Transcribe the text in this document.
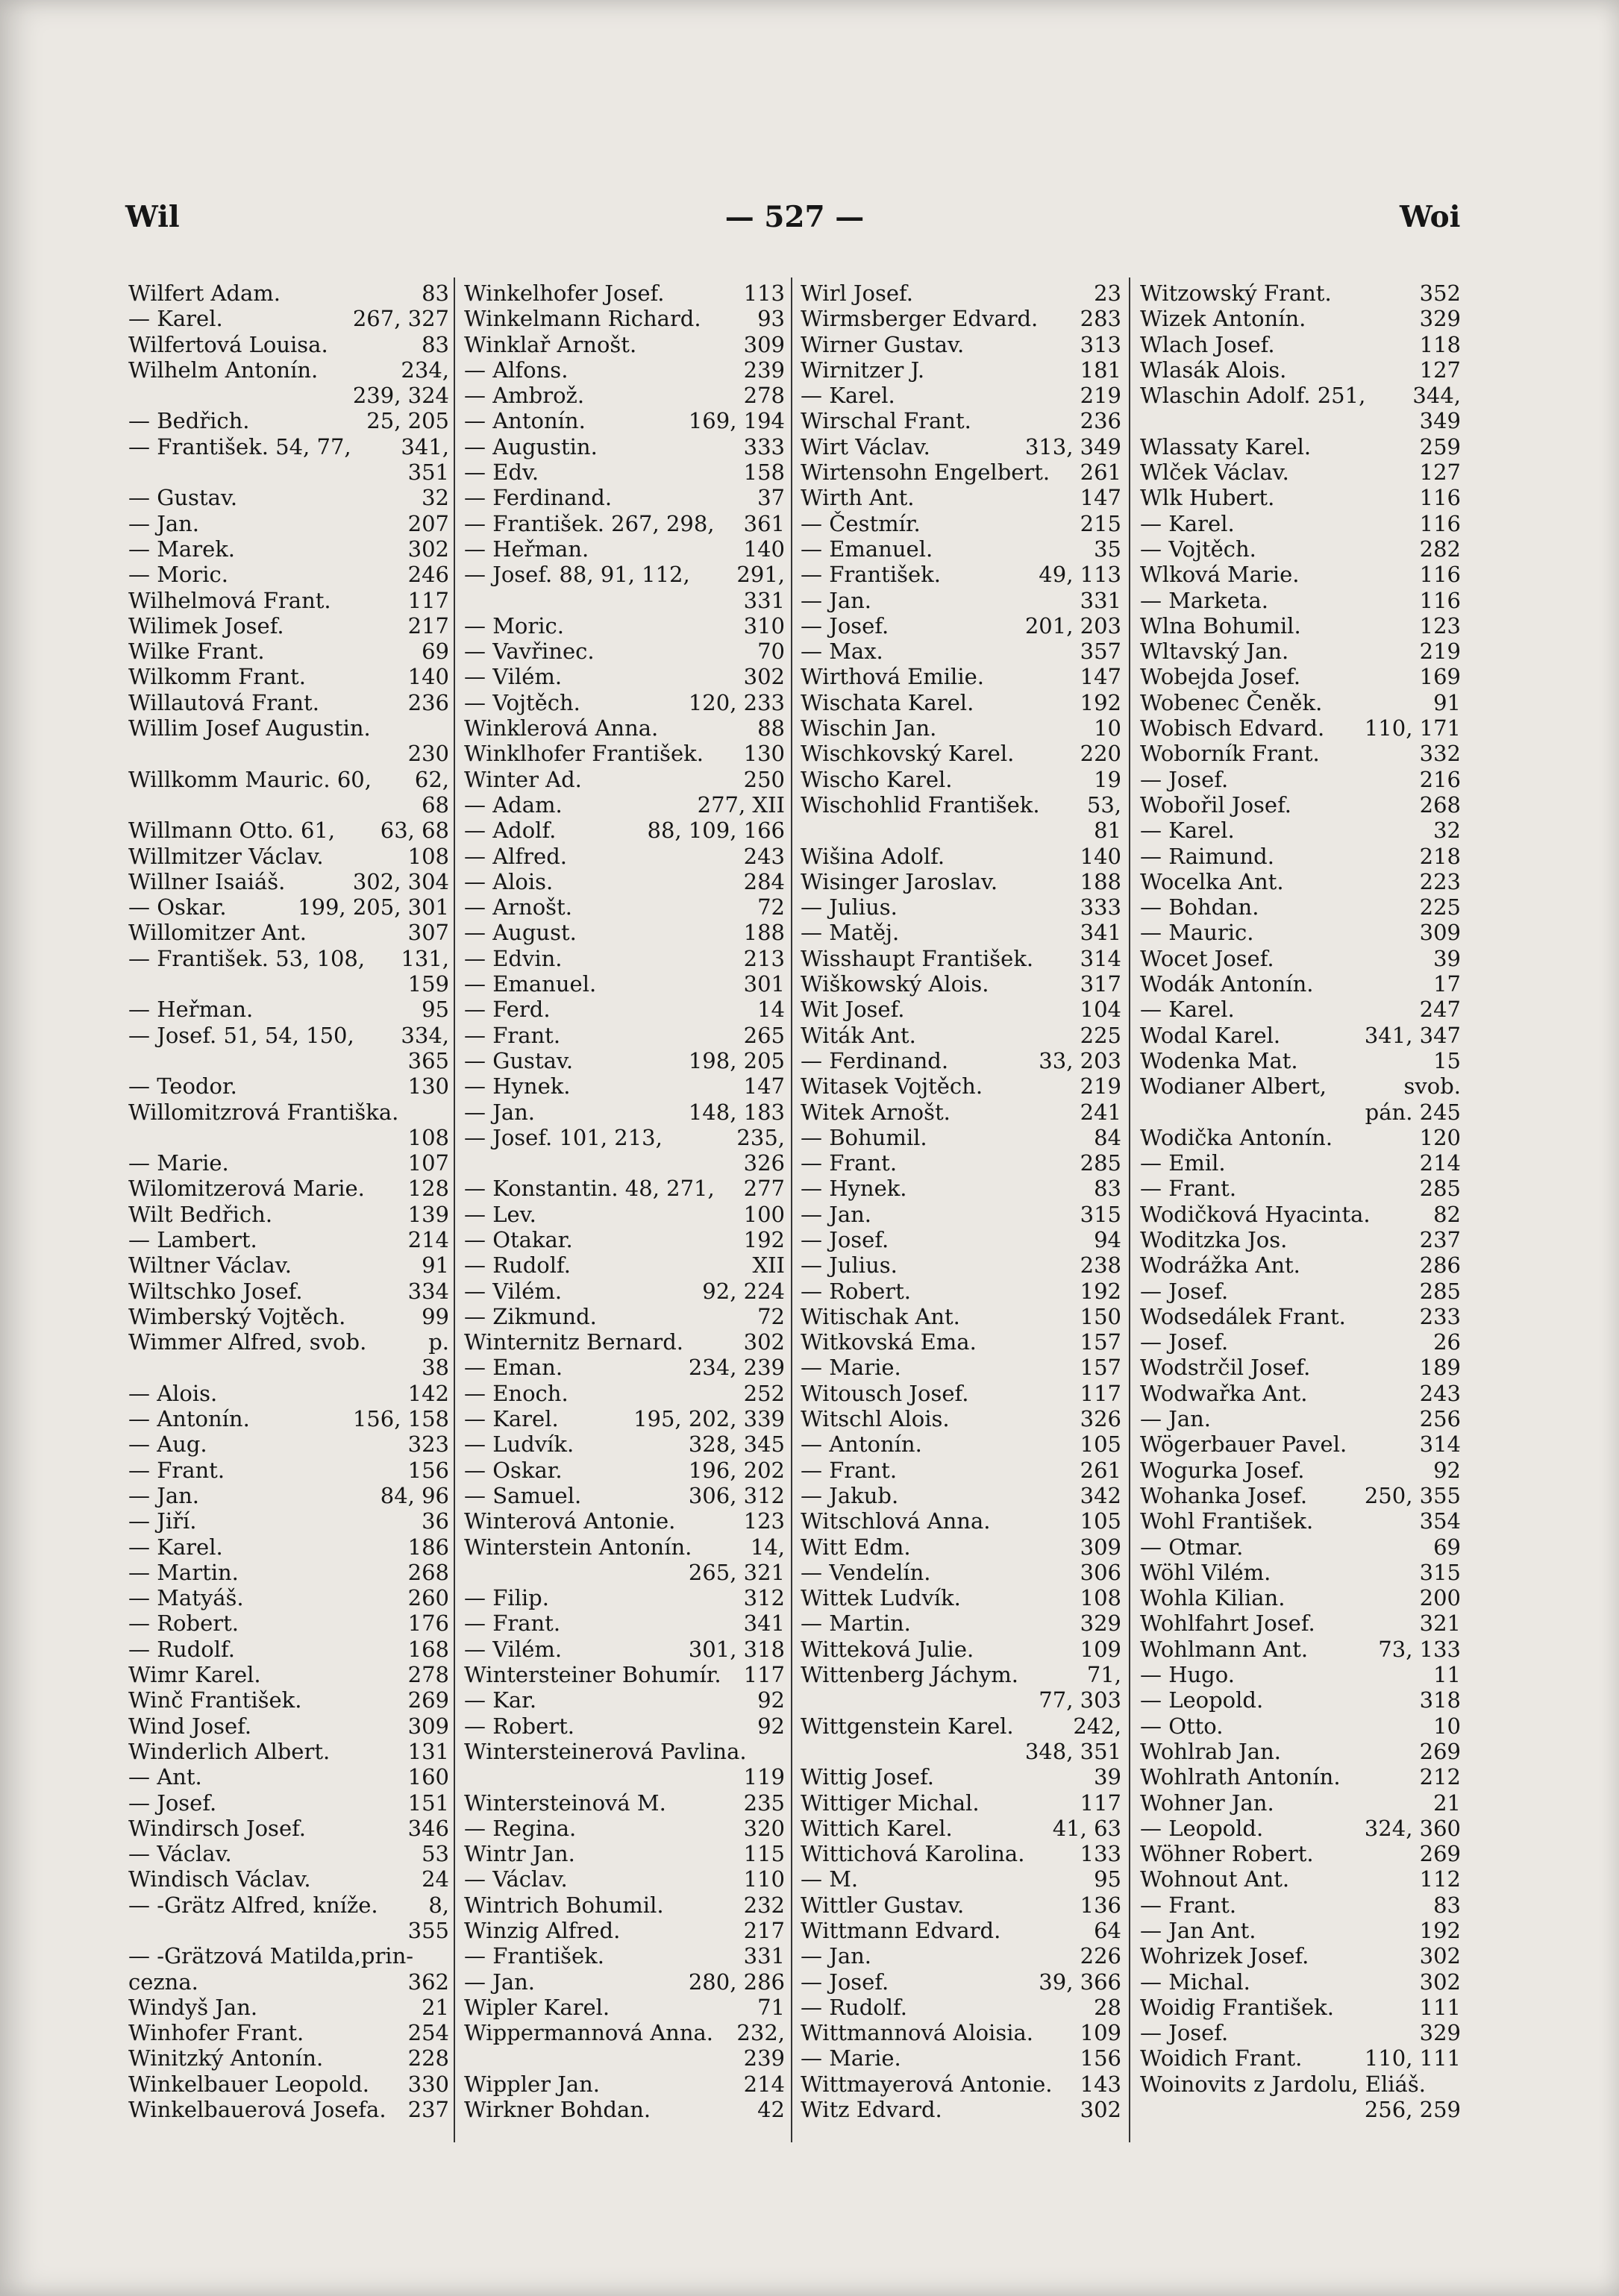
Wil	— 527 —	Woi
Wilfert Adam.	83
— Karel.	267, 327
Wilfertová Louisa.	83
Wilhelm Antonín.	234,
239, 324
— Bedřich.	25, 205
— František. 54, 77, 341,
351
— Gustav.	32
— Jan.	207
— Marek.	302
— Moric.	246
Wilhelmová Frant.	117
Wilimek Josef.	217
Wilke Frant.	69
Wilkomm Frant.	140
Willautová Frant.	236
Willim Josef Augustin.
230
Willkomm Mauric. 60, 62,
68
Willmann Otto. 61, 63, 68
Willmitzer Václav.	108
Willner Isaiáš.	302, 304
— Oskar.	199, 205, 301
Willomitzer Ant.	307
— František. 53, 108, 131,
159
— Heřman.	95
— Josef. 51, 54, 150, 334,
365
— Teodor.	130
Willomitzrová Františka.
108
— Marie.	107
Wilomitzerová Marie. 128
Wilt Bedřich.	139
— Lambert.	214
Wiltner Václav.	91
Wiltschko Josef.	334
Wimberský Vojtěch.	99
Wimmer Alfred, svob.	p.
38
— Alois.	142
— Antonín.	156, 158
— Aug.	323
— Frant.	156
— Jan.	84, 96
— Jiří.	36
— Karel.	186
— Martin.	268
— Matyáš.	260
— Robert.	176
— Rudolf.	168
Wimr Karel.	278
Winč František.	269
Wind Josef.	309
Winderlich Albert.	131
— Ant.	160
— Josef.	151
Windirsch Josef.	346
— Václav.	53
Windisch Václav.	24
— -Grätz Alfred, kníže. 8,
355
— -Grätzová Matilda,prin-
cezna.	362
Windyš Jan.	21
Winhofer Frant.	254
Winitzký Antonín.	228
Winkelbauer Leopold. 330
Winkelbauerová Josefa. 237
Winkelhofer Josef.	113
Winkelmann Richard.	93
Winklař Arnošt.	309
— Alfons.	239
— Ambrož.	278
— Antonín.	169, 194
— Augustin.	333
— Edv.	158
— Ferdinand.	37
— František. 267, 298, 361
— Heřman.	140
— Josef. 88, 91, 112, 291,
331
— Moric.	310
— Vavřinec.	70
— Vilém.	302
— Vojtěch.	120, 233
Winklerová Anna.	88
Winklhofer František. 130
Winter Ad.	250
— Adam.	277, XII
— Adolf.	88, 109, 166
— Alfred.	243
— Alois.	284
— Arnošt.	72
— August.	188
— Edvin.	213
— Emanuel.	301
— Ferd.	14
— Frant.	265
— Gustav.	198, 205
— Hynek.	147
— Jan.	148, 183
— Josef. 101, 213,	235,
326
— Konstantin. 48, 271, 277
— Lev.	100
— Otakar.	192
— Rudolf.	XII
— Vilém.	92, 224
— Zikmund.	72
Winternitz Bernard.	302
— Eman.	234, 239
— Enoch.	252
— Karel.	195, 202, 339
— Ludvík.	328, 345
— Oskar.	196, 202
— Samuel.	306, 312
Winterová Antonie.	123
Winterstein Antonín.	14,
265, 321
— Filip.	312
— Frant.	341
— Vilém.	301, 318
Wintersteiner Bohumír. 117
— Kar.	92
— Robert.	92
Wintersteinerová Pavlina.
119
Wintersteinová M.	235
— Regina.	320
Wintr Jan.	115
— Václav.	110
Wintrich Bohumil.	232
Winzig Alfred.	217
— František.	331
— Jan.	280, 286
Wipler Karel.	71
Wippermannová Anna. 232,
239
Wippler Jan.	214
Wirkner Bohdan.	42
Wirl Josef.	23
Wirmsberger Edvard. 283
Wirner Gustav.	313
Wirnitzer J.	181
— Karel.	219
Wirschal Frant.	236
Wirt Václav.	313, 349
Wirtensohn Engelbert. 261
Wirth Ant.	147
— Čestmír.	215
— Emanuel.	35
— František.	49, 113
— Jan.	331
— Josef.	201, 203
— Max.	357
Wirthová Emilie.	147
Wischata Karel.	192
Wischin Jan.	10
Wischkovský Karel.	220
Wischo Karel.	19
Wischohlid František. 53,
81
Wišina Adolf.	140
Wisinger Jaroslav.	188
— Julius.	333
— Matěj.	341
Wisshaupt František. 314
Wiškowský Alois.	317
Wit Josef.	104
Witák Ant.	225
— Ferdinand.	33, 203
Witasek Vojtěch.	219
Witek Arnošt.	241
— Bohumil.	84
— Frant.	285
— Hynek.	83
— Jan.	315
— Josef.	94
— Julius.	238
— Robert.	192
Witischak Ant.	150
Witkovská Ema.	157
— Marie.	157
Witousch Josef.	117
Witschl Alois.	326
— Antonín.	105
— Frant.	261
— Jakub.	342
Witschlová Anna.	105
Witt Edm.	309
— Vendelín.	306
Wittek Ludvík.	108
— Martin.	329
Witteková Julie.	109
Wittenberg Jáchym.	71,
77, 303
Wittgenstein Karel.	242,
348, 351
Wittig Josef.	39
Wittiger Michal.	117
Wittich Karel.	41, 63
Wittichová Karolina.	133
— M.	95
Wittler Gustav.	136
Wittmann Edvard.	64
— Jan.	226
— Josef.	39, 366
— Rudolf.	28
Wittmannová Aloisia. 109
— Marie.	156
Wittmayerová Antonie. 143
Witz Edvard.	302
Witzowský Frant.	352
Wizek Antonín.	329
Wlach Josef.	118
Wlasák Alois.	127
Wlaschin Adolf. 251, 344,
349
Wlassaty Karel.	259
Wlček Václav.	127
Wlk Hubert.	116
— Karel.	116
— Vojtěch.	282
Wlková Marie.	116
— Marketa.	116
Wlna Bohumil.	123
Wltavský Jan.	219
Wobejda Josef.	169
Wobenec Čeněk.	91
Wobisch Edvard. 110, 171
Woborník Frant.	332
— Josef.	216
Wobořil Josef.	268
— Karel.	32
— Raimund.	218
Wocelka Ant.	223
— Bohdan.	225
— Mauric.	309
Wocet Josef.	39
Wodák Antonín.	17
— Karel.	247
Wodal Karel.	341, 347
Wodenka Mat.	15
Wodianer Albert,	svob.
pán. 245
Wodička Antonín.	120
— Emil.	214
— Frant.	285
Wodičková Hyacinta.	82
Woditzka Jos.	237
Wodrážka Ant.	286
— Josef.	285
Wodsedálek Frant.	233
— Josef.	26
Wodstrčil Josef.	189
Wodwařka Ant.	243
— Jan.	256
Wögerbauer Pavel.	314
Wogurka Josef.	92
Wohanka Josef.	250, 355
Wohl František.	354
— Otmar.	69
Wöhl Vilém.	315
Wohla Kilian.	200
Wohlfahrt Josef.	321
Wohlmann Ant.	73, 133
— Hugo.	11
— Leopold.	318
— Otto.	10
Wohlrab Jan.	269
Wohlrath Antonín.	212
Wohner Jan.	21
— Leopold.	324, 360
Wöhner Robert.	269
Wohnout Ant.	112
— Frant.	83
— Jan Ant.	192
Wohrizek Josef.	302
— Michal.	302
Woidig František.	111
— Josef.	329
Woidich Frant.	110, 111
Woinovits z Jardolu, Eliáš.
256, 259
